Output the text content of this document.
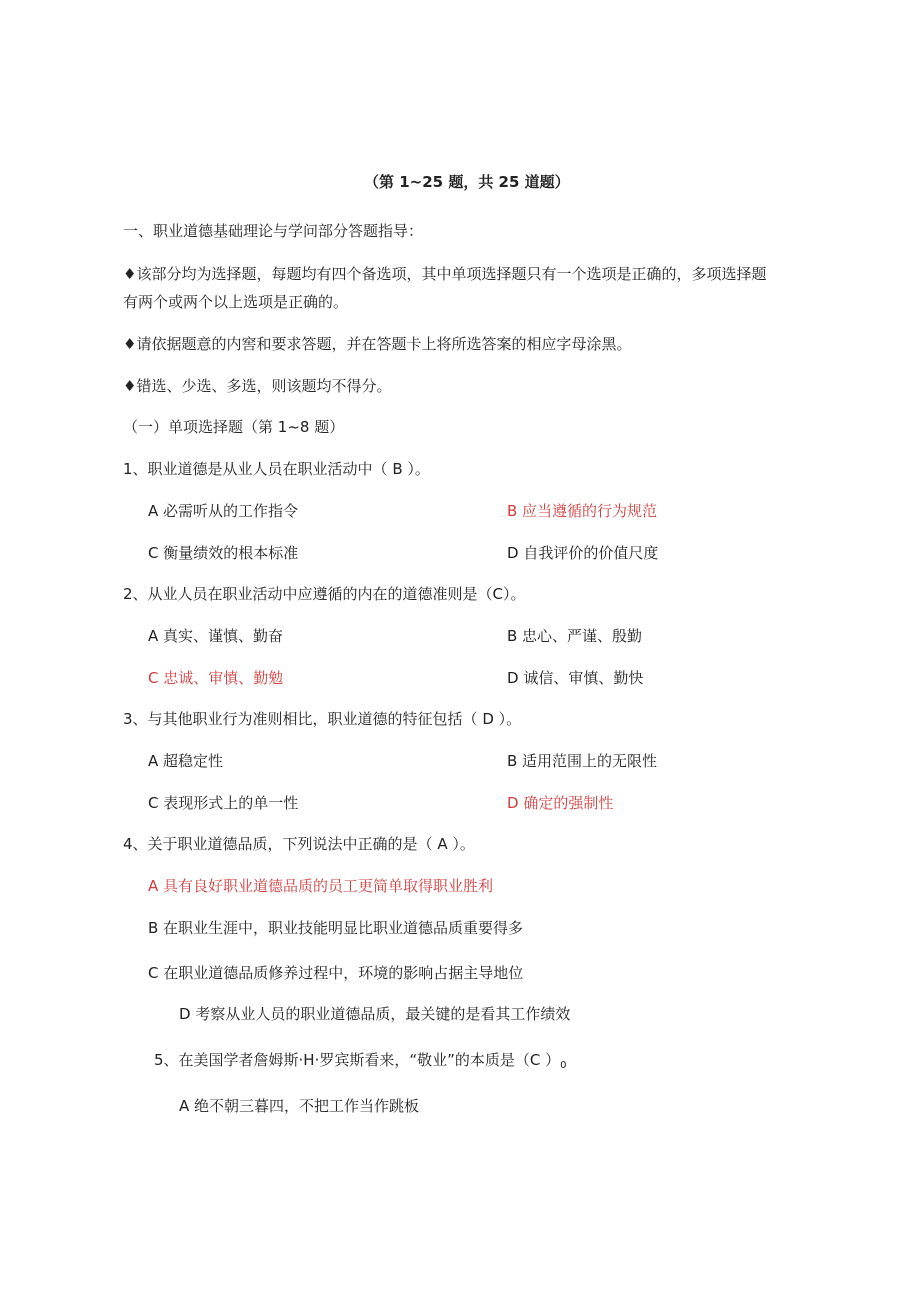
（第 1~25 题，共 25 道题）
一、职业道德基础理论与学问部分答题指导：
♦该部分均为选择题，每题均有四个备选项，其中单项选择题只有一个选项是正确的，多项选择题
有两个或两个以上选项是正确的。
♦请依据题意的内窖和要求答题，并在答题卡上将所选答案的相应字母涂黑。
♦错选、少选、多选，则该题均不得分。
（一）单项选择题（第 1~8 题）
1、职业道德是从业人员在职业活动中（ B ）。
A 必需听从的工作指令	B 应当遵循的行为规范
C 衡量绩效的根本标准	D 自我评价的价值尺度
2、从业人员在职业活动中应遵循的内在的道德准则是（C）。
A 真实、谨慎、勤奋	B 忠心、严谨、殷勤
C 忠诚、审慎、勤勉	D 诚信、审慎、勤快
3、与其他职业行为准则相比，职业道德的特征包括（ D ）。
A 超稳定性	B 适用范围上的无限性
C 表现形式上的单一性	D 确定的强制性
4、关于职业道德品质，下列说法中正确的是（ A ）。
A 具有良好职业道德品质的员工更简单取得职业胜利
B 在职业生涯中，职业技能明显比职业道德品质重要得多
C 在职业道德品质修养过程中，环境的影响占据主导地位
D 考察从业人员的职业道德品质，最关键的是看其工作绩效
5、在美国学者詹姆斯·H·罗宾斯看来，“敬业”的本质是（C ）$_0$
A 绝不朝三暮四，不把工作当作跳板
